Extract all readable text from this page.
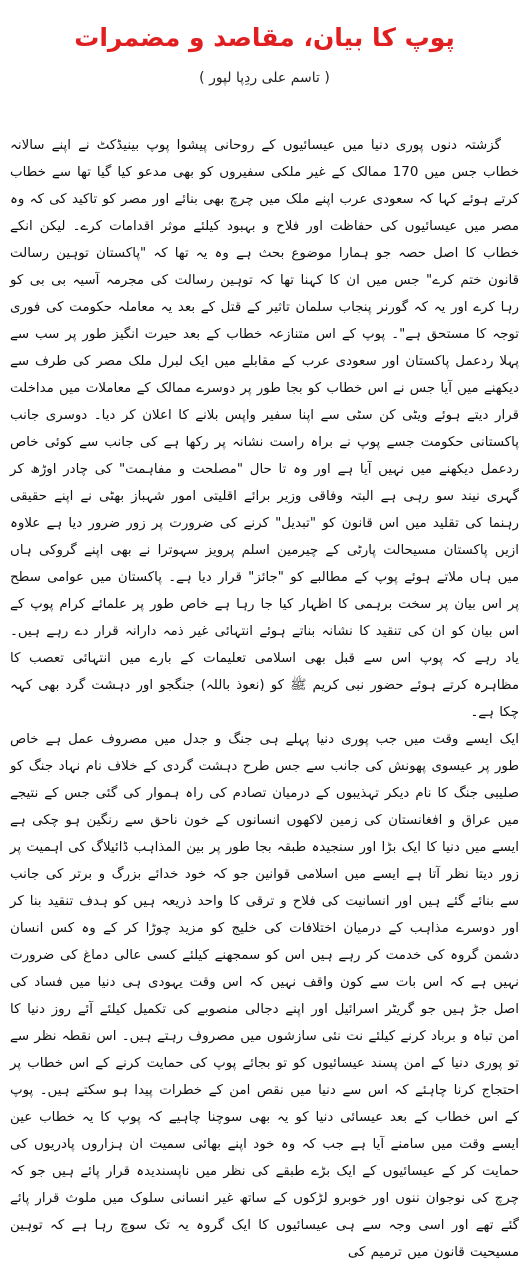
پوپ کا بیان، مقاصد و مضمرات
( تاسم علی ردِپا لپور )

گزشتہ دنوں پوری دنیا میں عیسائیوں کے روحانی پیشوا پوپ بینیڈکٹ نے اپنے سالانہ خطاب جس میں 170 ممالک کے غیر ملکی سفیروں کو بھی مدعو کیا گیا تھا سے خطاب کرتے ہوئے کہا کہ سعودی عرب اپنے ملک میں چرچ بھی بنائے اور مصر کو تاکید کی کہ وہ مصر میں عیسائیوں کی حفاظت اور فلاح و بہبود کیلئے موثر اقدامات کرے۔ لیکن انکے خطاب کا اصل حصہ جو ہمارا موضوع بحث ہے وہ یہ تھا کہ "پاکستان توہین رسالت قانون ختم کرے" جس میں ان کا کہنا تھا کہ توہین رسالت کی مجرمہ آسیہ بی بی کو رہا کرے اور یہ کہ گورنر پنجاب سلمان تاثیر کے قتل کے بعد یہ معاملہ حکومت کی فوری توجہ کا مستحق ہے"۔ پوپ کے اس متنازعہ خطاب کے بعد حیرت انگیز طور پر سب سے پہلا ردعمل پاکستان اور سعودی عرب کے مقابلے میں ایک لبرل ملک مصر کی طرف سے دیکھنے میں آیا جس نے اس خطاب کو بجا طور پر دوسرے ممالک کے معاملات میں مداخلت قرار دیتے ہوئے ویٹی کن سٹی سے اپنا سفیر واپس بلانے کا اعلان کر دیا۔ دوسری جانب پاکستانی حکومت جسے پوپ نے براہ راست نشانہ پر رکھا ہے کی جانب سے کوئی خاص ردعمل دیکھنے میں نہیں آیا ہے اور وہ تا حال "مصلحت و مفاہمت" کی چادر اوڑھ کر گہری نیند سو رہی ہے البتہ وفاقی وزیر برائے اقلیتی امور شہباز بھٹی نے اپنے حقیقی رہنما کی تقلید میں اس قانون کو "تبدیل" کرنے کی ضرورت پر زور ضرور دیا ہے علاوہ ازیں پاکستان مسیحالت پارٹی کے چیرمین اسلم پرویز سہوترا نے بھی اپنے گروکی ہاں میں ہاں ملاتے ہوئے پوپ کے مطالبے کو "جائز" قرار دیا ہے۔ پاکستان میں عوامی سطح پر اس بیان پر سخت برہمی کا اظہار کیا جا رہا ہے خاص طور پر علمائے کرام پوپ کے اس بیان کو ان کی تنقید کا نشانہ بناتے ہوئے انتہائی غیر ذمہ دارانہ قرار دے رہے ہیں۔ یاد رہے کہ پوپ اس سے قبل بھی اسلامی تعلیمات کے بارے میں انتہائی تعصب کا مظاہرہ کرتے ہوئے حضور نبی کریم ﷺ کو (نعوذ باللہ) جنگجو اور دہشت گرد بھی کہہ چکا ہے۔

ایک ایسے وقت میں جب پوری دنیا پہلے ہی جنگ و جدل میں مصروف عمل ہے خاص طور پر عیسوی پھونش کی جانب سے جس طرح دہشت گردی کے خلاف نام نہاد جنگ کو صلیبی جنگ کا نام دیکر تہذیبوں کے درمیان تصادم کی راہ ہموار کی گئی جس کے نتیجے میں عراق و افغانستان کی زمین لاکھوں انسانوں کے خون ناحق سے رنگین ہو چکی ہے ایسے میں دنیا کا ایک بڑا اور سنجیدہ طبقہ بجا طور پر بین المذاہب ڈائیلاگ کی اہمیت پر زور دیتا نظر آتا ہے ایسے میں اسلامی قوانین جو کہ خود خدائے بزرگ و برتر کی جانب سے بنائے گئے ہیں اور انسانیت کی فلاح و ترقی کا واحد ذریعہ ہیں کو ہدف تنقید بنا کر اور دوسرے مذاہب کے درمیان اختلافات کی خلیج کو مزید چوڑا کر کے وہ کس انسان دشمن گروہ کی خدمت کر رہے ہیں اس کو سمجھنے کیلئے کسی عالی دماغ کی ضرورت نہیں ہے کہ اس بات سے کون واقف نہیں کہ اس وقت یہودی ہی دنیا میں فساد کی اصل جڑ ہیں جو گریٹر اسرائیل اور اپنے دجالی منصوبے کی تکمیل کیلئے آئے روز دنیا کا امن تباہ و برباد کرنے کیلئے نت نئی سازشوں میں مصروف رہتے ہیں۔ اس نقطہ نظر سے تو پوری دنیا کے امن پسند عیسائیوں کو تو بجائے پوپ کی حمایت کرنے کے اس خطاب پر احتجاج کرنا چاہئے کہ اس سے دنیا میں نقص امن کے خطرات پیدا ہو سکتے ہیں۔ پوپ کے اس خطاب کے بعد عیسائی دنیا کو یہ بھی سوچنا چاہیے کہ پوپ کا یہ خطاب عین ایسے وقت میں سامنے آیا ہے جب کہ وہ خود اپنے بھائی سمیت ان ہزاروں پادریوں کی حمایت کر کے عیسائیوں کے ایک بڑے طبقے کی نظر میں ناپسندیدہ قرار پائے ہیں جو کہ چرچ کی نوجوان ننوں اور خوبرو لڑکوں کے ساتھ غیر انسانی سلوک میں ملوث قرار پائے گئے تھے اور اسی وجہ سے ہی عیسائیوں کا ایک گروہ یہ تک سوچ رہا ہے کہ توہین مسیحیت قانون میں ترمیم کی
